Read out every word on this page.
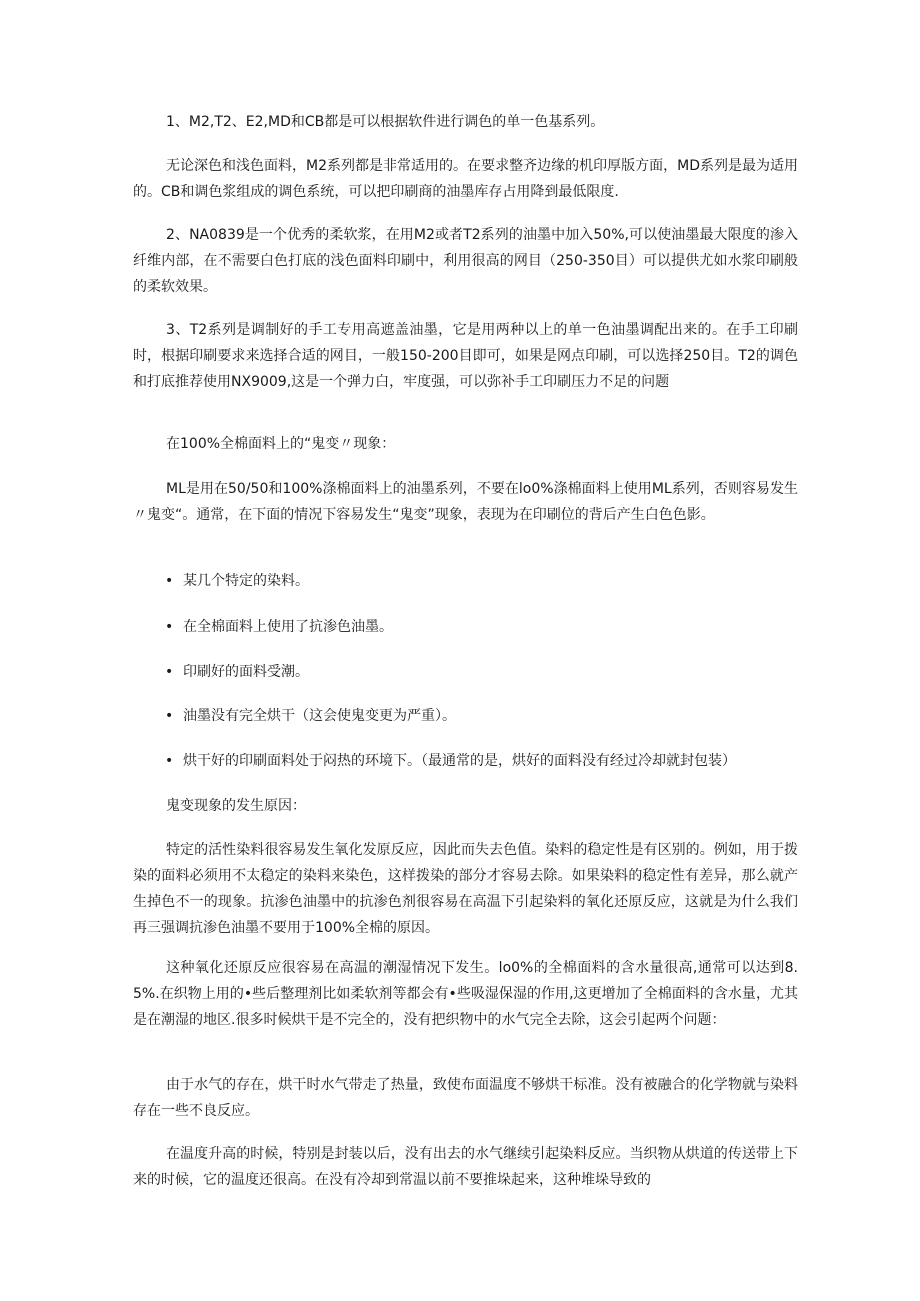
1、M2,T2、E2,MD和CB都是可以根据软件进行调色的单一色基系列。

无论深色和浅色面料，M2系列都是非常适用的。在要求整齐边缘的机印厚版方面，MD系列是最为适用的。CB和调色浆组成的调色系统，可以把印刷商的油墨库存占用降到最低限度.

2、NA0839是一个优秀的柔软浆，在用M2或者T2系列的油墨中加入50%,可以使油墨最大限度的渗入纤维内部，在不需要白色打底的浅色面料印刷中，利用很高的网目（250-350目）可以提供尤如水浆印刷般的柔软效果。

3、T2系列是调制好的手工专用高遮盖油墨，它是用两种以上的单一色油墨调配出来的。在手工印刷时，根据印刷要求来选择合适的网目，一般150-200目即可，如果是网点印刷，可以选择250目。T2的调色和打底推荐使用NX9009,这是一个弹力白，牢度强，可以弥补手工印刷压力不足的问题

在100%全棉面料上的“鬼变〃现象：

ML是用在50/50和100%涤棉面料上的油墨系列，不要在lo0%涤棉面料上使用ML系列，否则容易发生〃鬼变“。通常，在下面的情况下容易发生“鬼变”现象，表现为在印刷位的背后产生白色色影。

• 某几个特定的染料。
• 在全棉面料上使用了抗渗色油墨。
• 印刷好的面料受潮。
• 油墨没有完全烘干（这会使鬼变更为严重）。
• 烘干好的印刷面料处于闷热的环境下。（最通常的是，烘好的面料没有经过冷却就封包装）

鬼变现象的发生原因：

特定的活性染料很容易发生氧化发原反应，因此而失去色值。染料的稳定性是有区别的。例如，用于拨染的面料必须用不太稳定的染料来染色，这样拨染的部分才容易去除。如果染料的稳定性有差异，那么就产生掉色不一的现象。抗渗色油墨中的抗渗色剂很容易在高温下引起染料的氧化还原反应，这就是为什么我们再三强调抗渗色油墨不要用于100%全棉的原因。

这种氧化还原反应很容易在高温的潮湿情况下发生。lo0%的全棉面料的含水量很高,通常可以达到8.5%.在织物上用的•些后整理剂比如柔软剂等都会有•些吸湿保湿的作用,这更增加了全棉面料的含水量，尤其是在潮湿的地区.很多时候烘干是不完全的，没有把织物中的水气完全去除，这会引起两个问题：

由于水气的存在，烘干时水气带走了热量，致使布面温度不够烘干标准。没有被融合的化学物就与染料存在一些不良反应。

在温度升高的时候，特别是封装以后，没有出去的水气继续引起染料反应。当织物从烘道的传送带上下来的时候，它的温度还很高。在没有冷却到常温以前不要推垛起来，这种堆垛导致的
